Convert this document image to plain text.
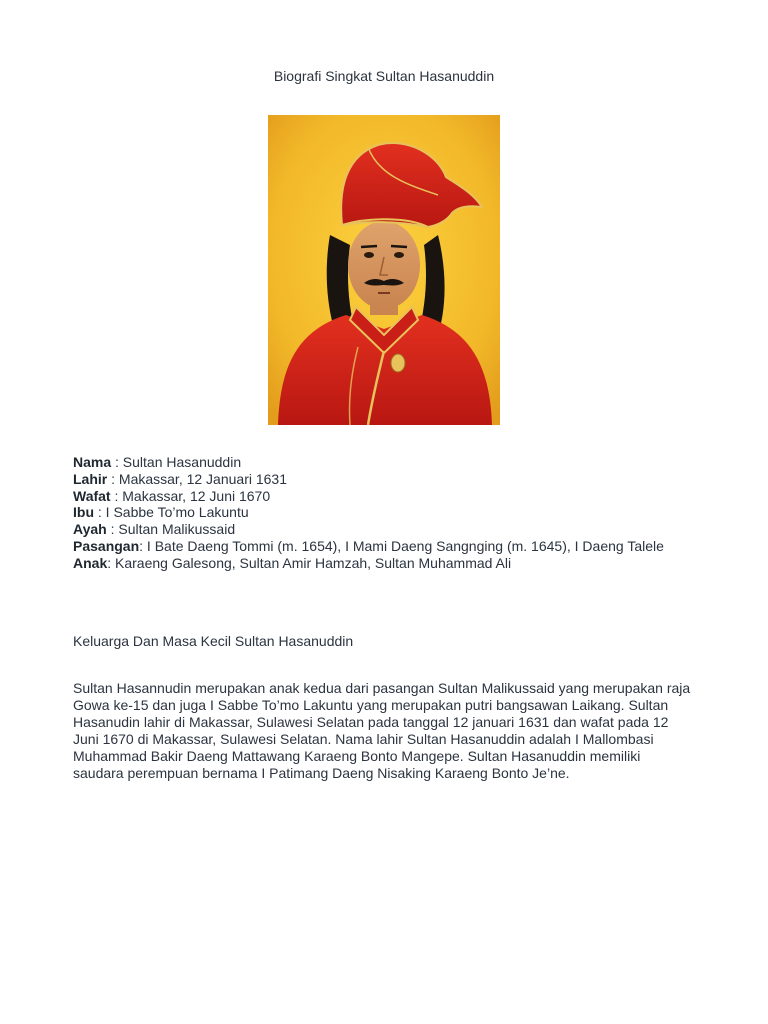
Biografi Singkat Sultan Hasanuddin
Nama : Sultan Hasanuddin
Lahir : Makassar, 12 Januari 1631
Wafat : Makassar, 12 Juni 1670
Ibu : I Sabbe To’mo Lakuntu
Ayah : Sultan Malikussaid
Pasangan: I Bate Daeng Tommi (m. 1654), I Mami Daeng Sangnging (m. 1645), I Daeng Talele
Anak: Karaeng Galesong, Sultan Amir Hamzah, Sultan Muhammad Ali
Keluarga Dan Masa Kecil Sultan Hasanuddin
Sultan Hasannudin merupakan anak kedua dari pasangan Sultan Malikussaid yang merupakan raja Gowa ke-15 dan juga I Sabbe To’mo Lakuntu yang merupakan putri bangsawan Laikang. Sultan Hasanudin lahir di Makassar, Sulawesi Selatan pada tanggal 12 januari 1631 dan wafat pada 12 Juni 1670 di Makassar, Sulawesi Selatan. Nama lahir Sultan Hasanuddin adalah I Mallombasi Muhammad Bakir Daeng Mattawang Karaeng Bonto Mangepe. Sultan Hasanuddin memiliki saudara perempuan bernama I Patimang Daeng Nisaking Karaeng Bonto Je’ne.
